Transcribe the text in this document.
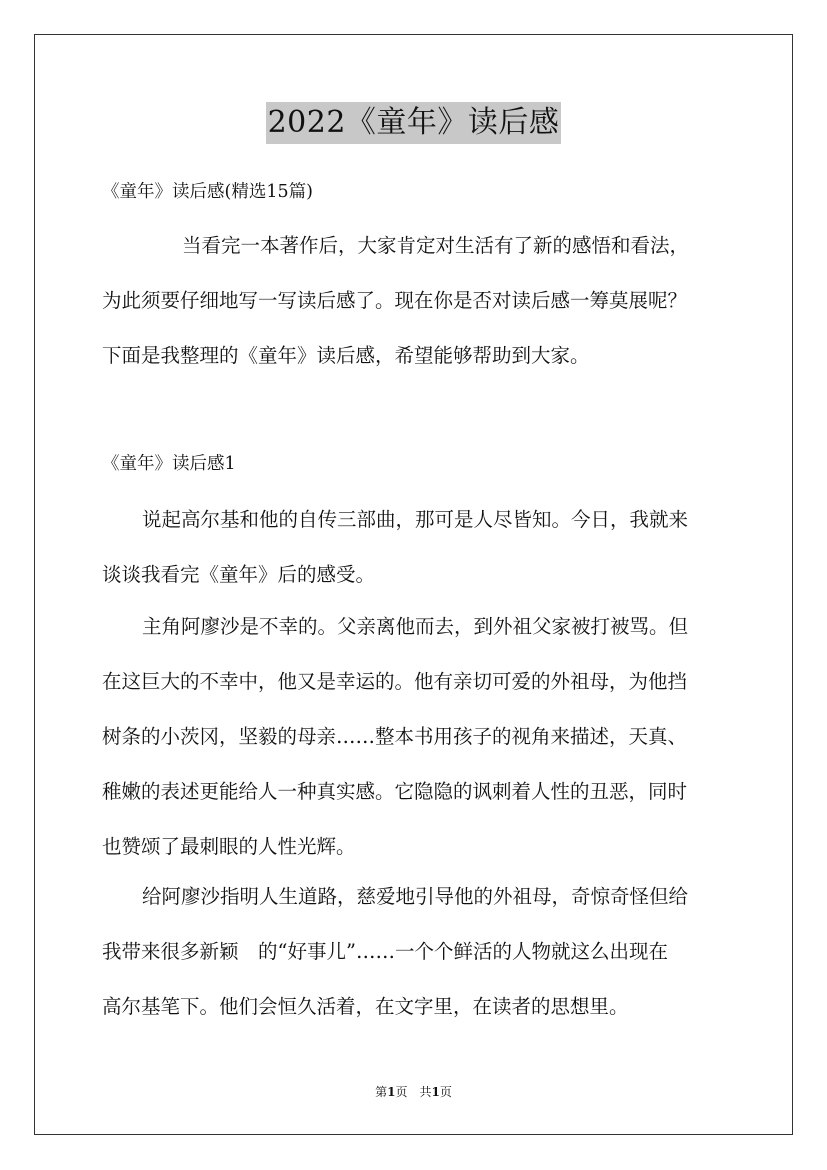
2022《童年》读后感
《童年》读后感(精选15篇)
当看完一本著作后，大家肯定对生活有了新的感悟和看法，
为此须要仔细地写一写读后感了。现在你是否对读后感一筹莫展呢？
下面是我整理的《童年》读后感，希望能够帮助到大家。
《童年》读后感1
说起高尔基和他的自传三部曲，那可是人尽皆知。今日，我就来
谈谈我看完《童年》后的感受。
主角阿廖沙是不幸的。父亲离他而去，到外祖父家被打被骂。但
在这巨大的不幸中，他又是幸运的。他有亲切可爱的外祖母，为他挡
树条的小茨冈，坚毅的母亲……整本书用孩子的视角来描述，天真、
稚嫩的表述更能给人一种真实感。它隐隐的讽刺着人性的丑恶，同时
也赞颂了最刺眼的人性光辉。
给阿廖沙指明人生道路，慈爱地引导他的外祖母，奇惊奇怪但给
我带来很多新颖　的“好事儿”……一个个鲜活的人物就这么出现在
高尔基笔下。他们会恒久活着，在文字里，在读者的思想里。
第1页　共1页
